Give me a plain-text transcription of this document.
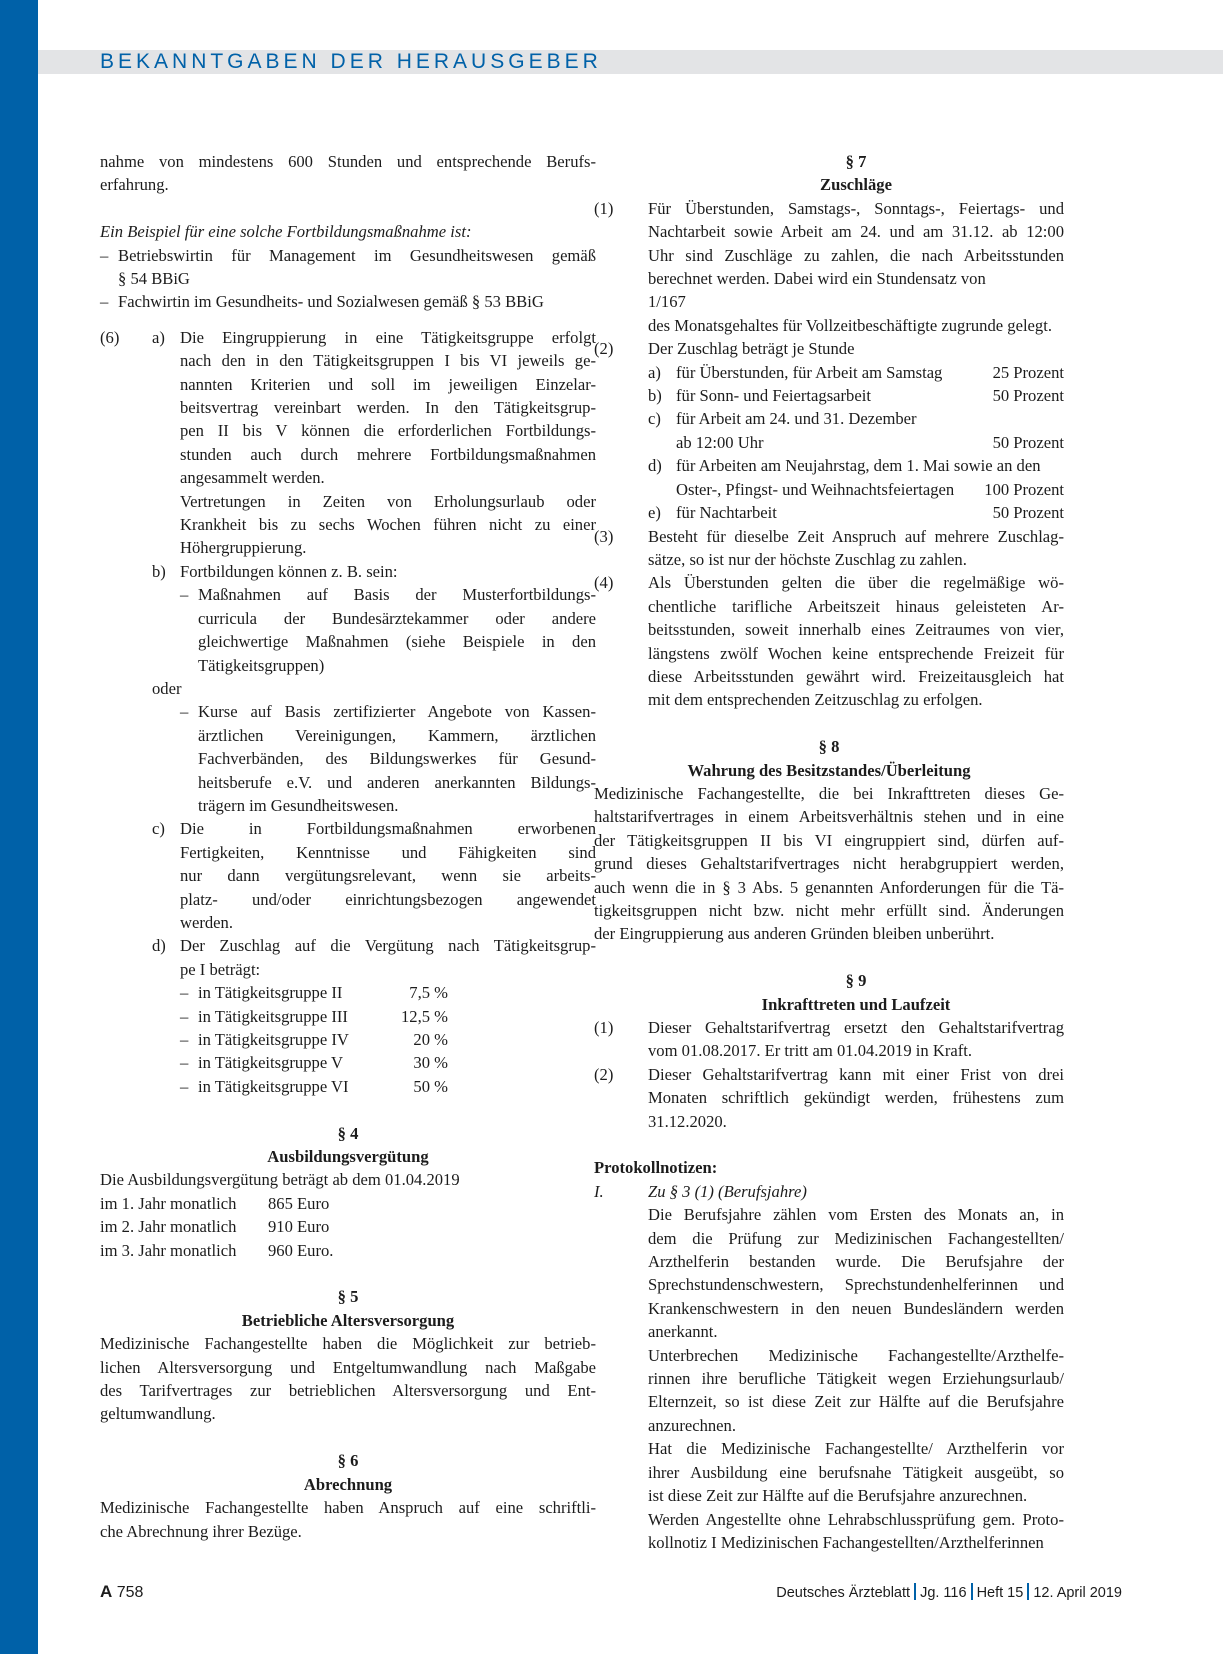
BEKANNTGABEN DER HERAUSGEBER
nahme von mindestens 600 Stunden und entsprechende Berufs-
erfahrung.
Ein Beispiel für eine solche Fortbildungsmaßnahme ist:
– Betriebswirtin für Management im Gesundheitswesen gemäß
§ 54 BBiG
– Fachwirtin im Gesundheits- und Sozialwesen gemäß § 53 BBiG
(6)	a) Die Eingruppierung in eine Tätigkeitsgruppe erfolgt
nach den in den Tätigkeitsgruppen I bis VI jeweils ge-
nannten Kriterien und soll im jeweiligen Einzelar-
beitsvertrag vereinbart werden. In den Tätigkeitsgrup-
pen II bis V können die erforderlichen Fortbildungs-
stunden auch durch mehrere Fortbildungsmaßnahmen
angesammelt werden.
Vertretungen in Zeiten von Erholungsurlaub oder
Krankheit bis zu sechs Wochen führen nicht zu einer
Höhergruppierung.
b) Fortbildungen können z. B. sein:
– Maßnahmen auf Basis der Musterfortbildungs-
curricula der Bundesärztekammer oder andere
gleichwertige Maßnahmen (siehe Beispiele in den
Tätigkeitsgruppen)
oder
– Kurse auf Basis zertifizierter Angebote von Kassen-
ärztlichen Vereinigungen, Kammern, ärztlichen
Fachverbänden, des Bildungswerkes für Gesund-
heitsberufe e.V. und anderen anerkannten Bildungs-
trägern im Gesundheitswesen.
c) Die in Fortbildungsmaßnahmen erworbenen
Fertigkeiten, Kenntnisse und Fähigkeiten sind
nur dann vergütungsrelevant, wenn sie arbeits-
platz- und/oder einrichtungsbezogen angewendet
werden.
d) Der Zuschlag auf die Vergütung nach Tätigkeitsgrup-
pe I beträgt:
– in Tätigkeitsgruppe II	7,5 %
– in Tätigkeitsgruppe III	12,5 %
– in Tätigkeitsgruppe IV	20 %
– in Tätigkeitsgruppe V	30 %
– in Tätigkeitsgruppe VI	50 %
§ 4
Ausbildungsvergütung
Die Ausbildungsvergütung beträgt ab dem 01.04.2019
im 1. Jahr monatlich	865 Euro
im 2. Jahr monatlich	910 Euro
im 3. Jahr monatlich	960 Euro.
§ 5
Betriebliche Altersversorgung
Medizinische Fachangestellte haben die Möglichkeit zur betrieb-
lichen Altersversorgung und Entgeltumwandlung nach Maßgabe
des Tarifvertrages zur betrieblichen Altersversorgung und Ent-
geltumwandlung.
§ 6
Abrechnung
Medizinische Fachangestellte haben Anspruch auf eine schriftli-
che Abrechnung ihrer Bezüge.
§ 7
Zuschläge
(1)	Für Überstunden, Samstags-, Sonntags-, Feiertags- und
Nachtarbeit sowie Arbeit am 24. und am 31.12. ab 12:00
Uhr sind Zuschläge zu zahlen, die nach Arbeitsstunden
berechnet werden. Dabei wird ein Stundensatz von
1/167
des Monatsgehaltes für Vollzeitbeschäftigte zugrunde gelegt.
(2)	Der Zuschlag beträgt je Stunde
a) für Überstunden, für Arbeit am Samstag	25 Prozent
b) für Sonn- und Feiertagsarbeit	50 Prozent
c) für Arbeit am 24. und 31. Dezember
ab 12:00 Uhr	50 Prozent
d) für Arbeiten am Neujahrstag, dem 1. Mai sowie an den
Oster-, Pfingst- und Weihnachtsfeiertagen	100 Prozent
e) für Nachtarbeit	50 Prozent
(3)	Besteht für dieselbe Zeit Anspruch auf mehrere Zuschlag-
sätze, so ist nur der höchste Zuschlag zu zahlen.
(4)	Als Überstunden gelten die über die regelmäßige wö-
chentliche tarifliche Arbeitszeit hinaus geleisteten Ar-
beitsstunden, soweit innerhalb eines Zeitraumes von vier,
längstens zwölf Wochen keine entsprechende Freizeit für
diese Arbeitsstunden gewährt wird. Freizeitausgleich hat
mit dem entsprechenden Zeitzuschlag zu erfolgen.
§ 8
Wahrung des Besitzstandes/Überleitung
Medizinische Fachangestellte, die bei Inkrafttreten dieses Ge-
haltstarifvertrages in einem Arbeitsverhältnis stehen und in eine
der Tätigkeitsgruppen II bis VI eingruppiert sind, dürfen auf-
grund dieses Gehaltstarifvertrages nicht herabgruppiert werden,
auch wenn die in § 3 Abs. 5 genannten Anforderungen für die Tä-
tigkeitsgruppen nicht bzw. nicht mehr erfüllt sind. Änderungen
der Eingruppierung aus anderen Gründen bleiben unberührt.
§ 9
Inkrafttreten und Laufzeit
(1)	Dieser Gehaltstarifvertrag ersetzt den Gehaltstarifvertrag
vom 01.08.2017. Er tritt am 01.04.2019 in Kraft.
(2)	Dieser Gehaltstarifvertrag kann mit einer Frist von drei
Monaten schriftlich gekündigt werden, frühestens zum
31.12.2020.
Protokollnotizen:
I.	Zu § 3 (1) (Berufsjahre)
Die Berufsjahre zählen vom Ersten des Monats an, in
dem die Prüfung zur Medizinischen Fachangestellten/
Arzthelferin bestanden wurde. Die Berufsjahre der
Sprechstundenschwestern, Sprechstundenhelferinnen und
Krankenschwestern in den neuen Bundesländern werden
anerkannt.
Unterbrechen Medizinische Fachangestellte/Arzthelfe-
rinnen ihre berufliche Tätigkeit wegen Erziehungsurlaub/
Elternzeit, so ist diese Zeit zur Hälfte auf die Berufsjahre
anzurechnen.
Hat die Medizinische Fachangestellte/ Arzthelferin vor
ihrer Ausbildung eine berufsnahe Tätigkeit ausgeübt, so
ist diese Zeit zur Hälfte auf die Berufsjahre anzurechnen.
Werden Angestellte ohne Lehrabschlussprüfung gem. Proto-
kollnotiz I Medizinischen Fachangestellten/Arzthelferinnen
A 758	Deutsches Ärzteblatt Jg. 116 Heft 15 12. April 2019
